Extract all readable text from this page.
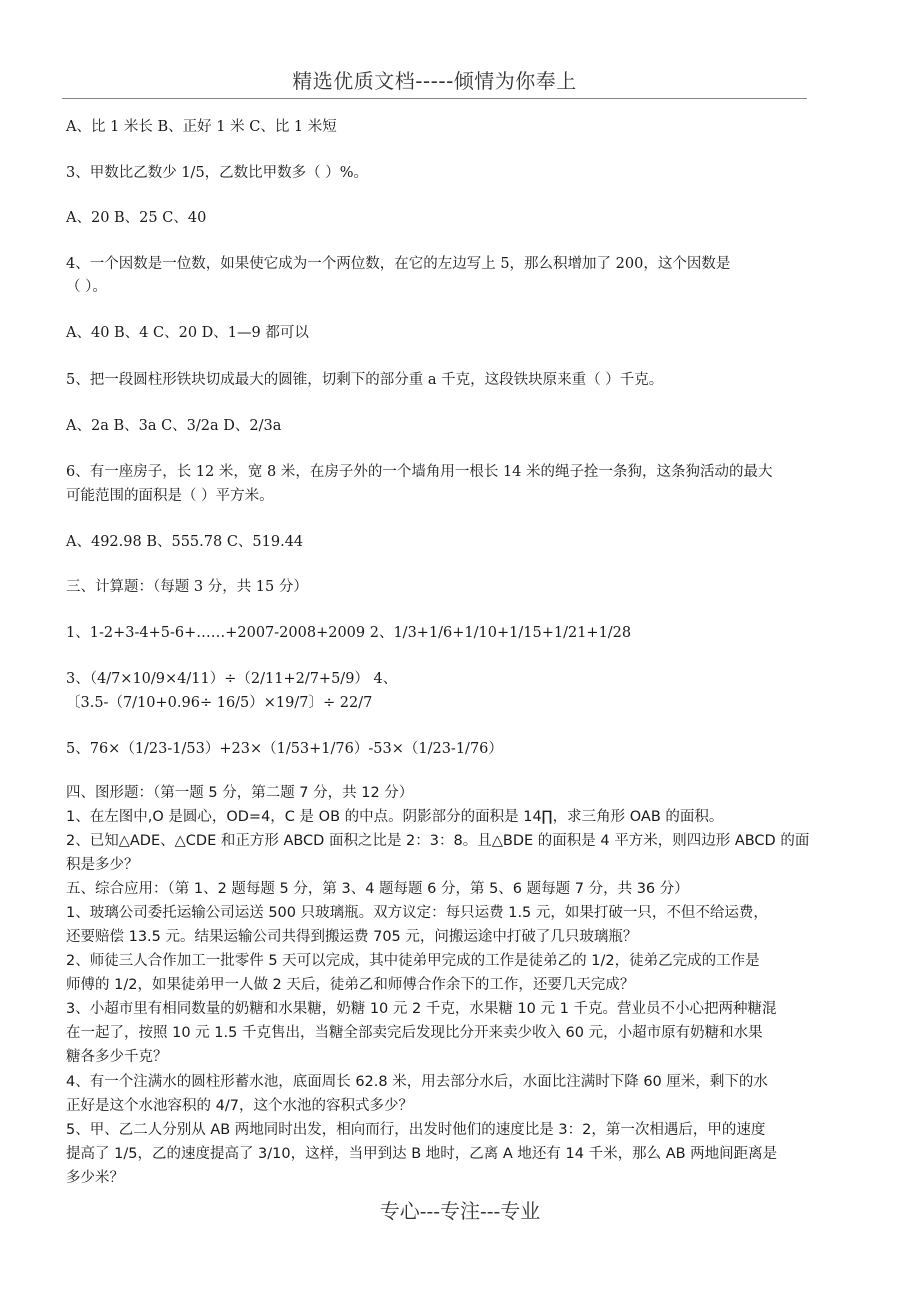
精选优质文档-----倾情为你奉上
A、比 1 米长 B、正好 1 米 C、比 1 米短
3、甲数比乙数少 1/5，乙数比甲数多（ ）%。
A、20 B、25 C、40
4、一个因数是一位数，如果使它成为一个两位数，在它的左边写上 5，那么积增加了 200，这个因数是
（ ）。
A、40 B、4 C、20 D、1—9 都可以
5、把一段圆柱形铁块切成最大的圆锥，切剩下的部分重 a 千克，这段铁块原来重（ ）千克。
A、2a B、3a C、3/2a D、2/3a
6、有一座房子，长 12 米，宽 8 米，在房子外的一个墙角用一根长 14 米的绳子拴一条狗，这条狗活动的最大
可能范围的面积是（ ）平方米。
A、492.98 B、555.78 C、519.44
三、计算题：（每题 3 分，共 15 分）
1、1-2+3-4+5-6+……+2007-2008+2009 2、1/3+1/6+1/10+1/15+1/21+1/28
3、（4/7×10/9×4/11）÷（2/11+2/7+5/9） 4、
〔3.5-（7/10+0.96÷ 16/5）×19/7〕÷ 22/7
5、76×（1/23-1/53）+23×（1/53+1/76）-53×（1/23-1/76）
四、图形题：（第一题 5 分，第二题 7 分，共 12 分）
1、在左图中,O 是圆心，OD=4，C 是 OB 的中点。阴影部分的面积是 14∏，求三角形 OAB 的面积。
2、已知△ADE、△CDE 和正方形 ABCD 面积之比是 2：3：8。且△BDE 的面积是 4 平方米，则四边形 ABCD 的面
积是多少？
五、综合应用：（第 1、2 题每题 5 分，第 3、4 题每题 6 分，第 5、6 题每题 7 分，共 36 分）
1、玻璃公司委托运输公司运送 500 只玻璃瓶。双方议定：每只运费 1.5 元，如果打破一只，不但不给运费，
还要赔偿 13.5 元。结果运输公司共得到搬运费 705 元，问搬运途中打破了几只玻璃瓶？
2、师徒三人合作加工一批零件 5 天可以完成，其中徒弟甲完成的工作是徒弟乙的 1/2，徒弟乙完成的工作是
师傅的 1/2，如果徒弟甲一人做 2 天后，徒弟乙和师傅合作余下的工作，还要几天完成？
3、小超市里有相同数量的奶糖和水果糖，奶糖 10 元 2 千克，水果糖 10 元 1 千克。营业员不小心把两种糖混
在一起了，按照 10 元 1.5 千克售出，当糖全部卖完后发现比分开来卖少收入 60 元，小超市原有奶糖和水果
糖各多少千克？
4、有一个注满水的圆柱形蓄水池，底面周长 62.8 米，用去部分水后，水面比注满时下降 60 厘米，剩下的水
正好是这个水池容积的 4/7，这个水池的容积式多少？
5、甲、乙二人分别从 AB 两地同时出发，相向而行，出发时他们的速度比是 3：2，第一次相遇后，甲的速度
提高了 1/5，乙的速度提高了 3/10，这样，当甲到达 B 地时，乙离 A 地还有 14 千米，那么 AB 两地间距离是
多少米？
专心---专注---专业
